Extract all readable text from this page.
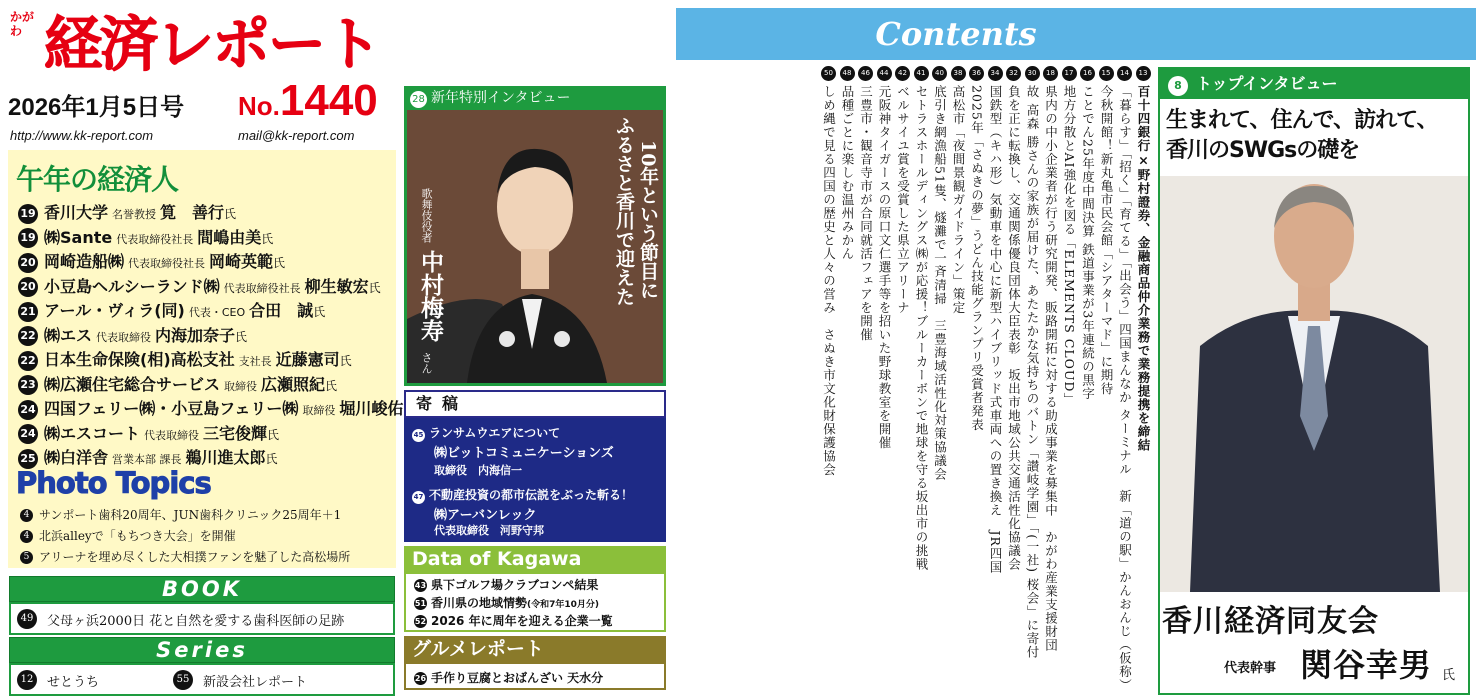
かがわ 経済レポート
2026年1月5日号 No.1440
http://www.kk-report.com	mail@kk-report.com
午年の経済人
19 香川大学 名誉教授 筧　善行氏
19 ㈱Sante 代表取締役社長 間嶋由美氏
20 岡崎造船㈱ 代表取締役社長 岡崎英範氏
20 小豆島ヘルシーランド㈱ 代表取締役社長 柳生敏宏氏
21 アール・ヴィラ(同) 代表・CEO 合田　誠氏
22 ㈱エス 代表取締役 内海加奈子氏
22 日本生命保険(相)高松支社 支社長 近藤憲司氏
23 ㈱広瀬住宅総合サービス 取締役 広瀬照紀氏
24 四国フェリー㈱・小豆島フェリー㈱ 取締役 堀川峻佑
24 ㈱エスコート 代表取締役 三宅俊輝氏
25 ㈱白洋舎 営業本部 課長 鵜川進太郎氏
Photo Topics
4 サンポート歯科20周年、JUN歯科クリニック25周年＋1
4 北浜alleyで「もちつき大会」を開催
5 アリーナを埋め尽くした大相撲ファンを魅了した高松場所
BOOK
49 父母ヶ浜2000日 花と自然を愛する歯科医師の足跡
Series
12 せとうち	55 新設会社レポート
28 新年特別インタビュー
ふるさと香川で迎えた 10年という節目に
歌舞伎役者
中村梅寿
さん
寄稿
45 ランサムウエアについて
㈱ビットコミュニケーションズ
取締役　 内海信一
47 不動産投資の都市伝説をぶった斬る！
㈱アーバンレック
代表取締役　 河野守邦
Data of Kagawa
43 県下ゴルフ場クラブコンペ結果
51 香川県の地域情勢(令和7年10月分)
52 2026 年に周年を迎える企業一覧
グルメレポート
26 手作り豆腐とおばんざい 天水分
Contents
13
百十四銀行×野村證券、金融商品仲介業務で業務提携を締結
14
「暮らす」「招く」「育てる」「出会う」四国まんなか ターミナル　新「道の駅」かんおんじ（仮称）
15
今秋開館！新丸亀市民会館「シアターマド」に期待
16
ことでん25年度中間決算 鉄道事業が3年連続の黒字
17
地方分散とAI強化を図る「ELEMENTS CLOUD」
18
県内の中小企業者が行う研究開発、販路開拓に対する助成事業を募集中　かがわ産業支援財団
30
故 高森 勝さんの家族が届けた、あたたかな気持ちのバトン「讃岐学園」「(一社) 桜会」に寄付
32
負を正に転換し、交通関係優良団体大臣表彰　坂出市地域公共交通活性化協議会
34
国鉄型（キハ形）気動車を中心に新型ハイブリッド式車両への置き換え　JR四国
36
2025年「さぬきの夢」うどん技能グランプリ受賞者発表
38
高松市「夜間景観ガイドライン」策定
40
底引き網漁船51隻、燧灘で一斉清掃　三豊海域活性化対策協議会
41
セトラスホールディングス㈱が応援！ブルーカーボンで地球を守る坂出市の挑戦
42
ベルサイユ賞を受賞した県立アリーナ
44
元阪神タイガースの原口文仁選手等を招いた野球教室を開催
46
三豊市・観音寺市が合同就活フェアを開催
48
品種ごとに楽しむ温州みかん
50
しめ縄で見る四国の歴史と人々の営み　さぬき市文化財保護協会	8 トップインタビュー
生まれて、住んで、訪れて、
香川のSWGsの礎を
香川経済同友会
代表幹事 関谷幸男 氏
